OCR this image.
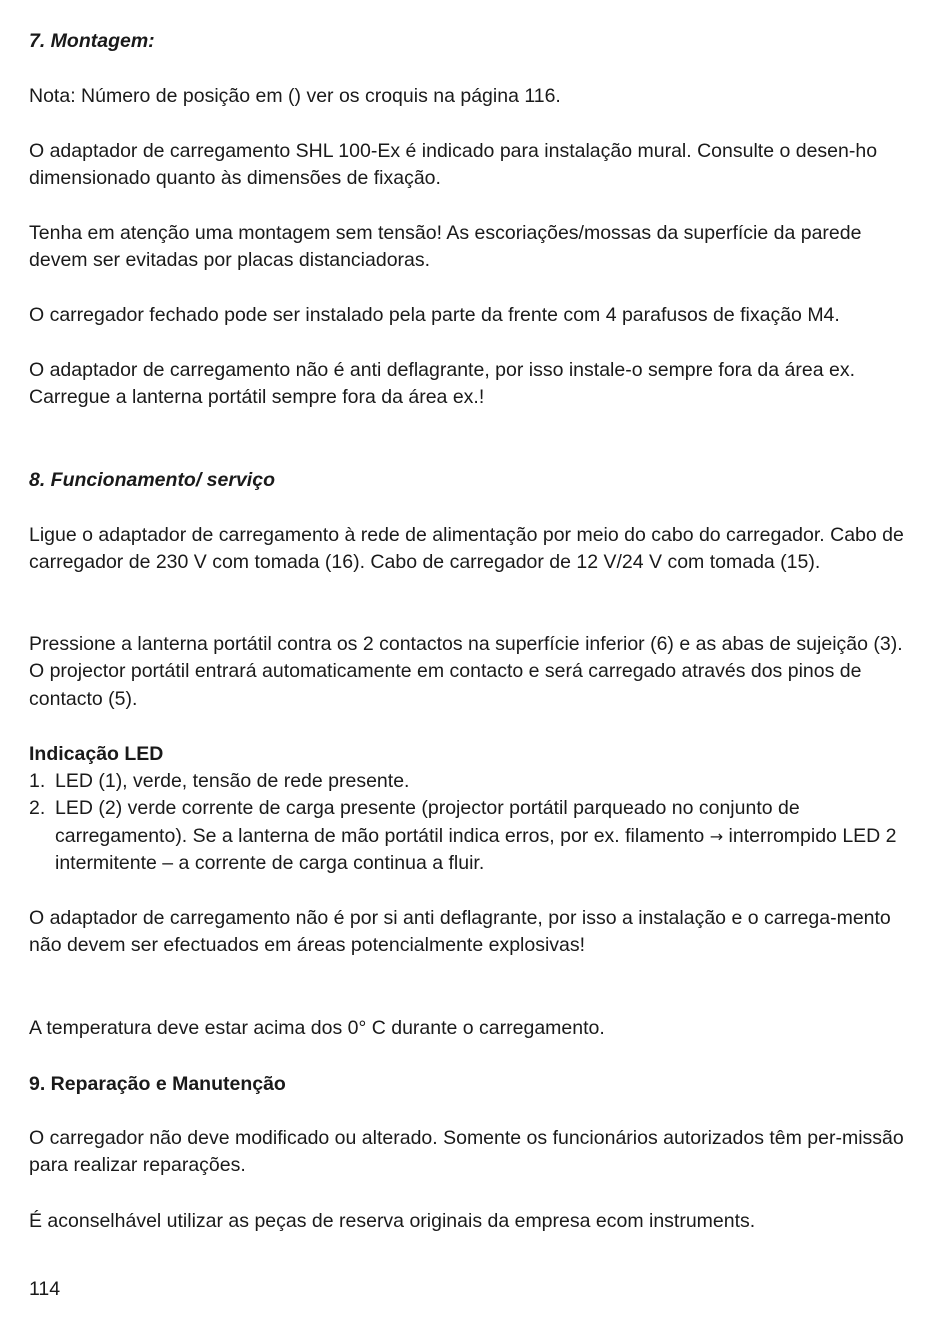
7. Montagem:

Nota: Número de posição em () ver os croquis na página 116.

O adaptador de carregamento SHL 100-Ex é indicado para instalação mural. Consulte o desen-ho dimensionado quanto às dimensões de fixação.

Tenha em atenção uma montagem sem tensão! As escoriações/mossas da superfície da parede devem ser evitadas por placas distanciadoras.

O carregador fechado pode ser instalado pela parte da frente com 4 parafusos de fixação M4.

O adaptador de carregamento não é anti deflagrante, por isso instale-o sempre fora da área ex. Carregue a lanterna portátil sempre fora da área ex.!

8. Funcionamento/ serviço

Ligue o adaptador de carregamento à rede de alimentação por meio do cabo do carregador. Cabo de carregador de 230 V com tomada (16). Cabo de carregador de 12 V/24 V com tomada (15).

Pressione a lanterna portátil contra os 2 contactos na superfície inferior (6) e as abas de sujeição (3). O projector portátil entrará automaticamente em contacto e será carregado através dos pinos de contacto (5).

Indicação LED
1. LED (1), verde, tensão de rede presente.
2. LED (2) verde corrente de carga presente (projector portátil parqueado no conjunto de carregamento). Se a lanterna de mão portátil indica erros, por ex. filamento → interrompido LED 2 intermitente – a corrente de carga continua a fluir.

O adaptador de carregamento não é por si anti deflagrante, por isso a instalação e o carrega-mento não devem ser efectuados em áreas potencialmente explosivas!

A temperatura deve estar acima dos 0° C durante o carregamento.

9. Reparação e Manutenção

O carregador não deve modificado ou alterado. Somente os funcionários autorizados têm per-missão para realizar reparações.

É aconselhável utilizar as peças de reserva originais da empresa ecom instruments.

114
